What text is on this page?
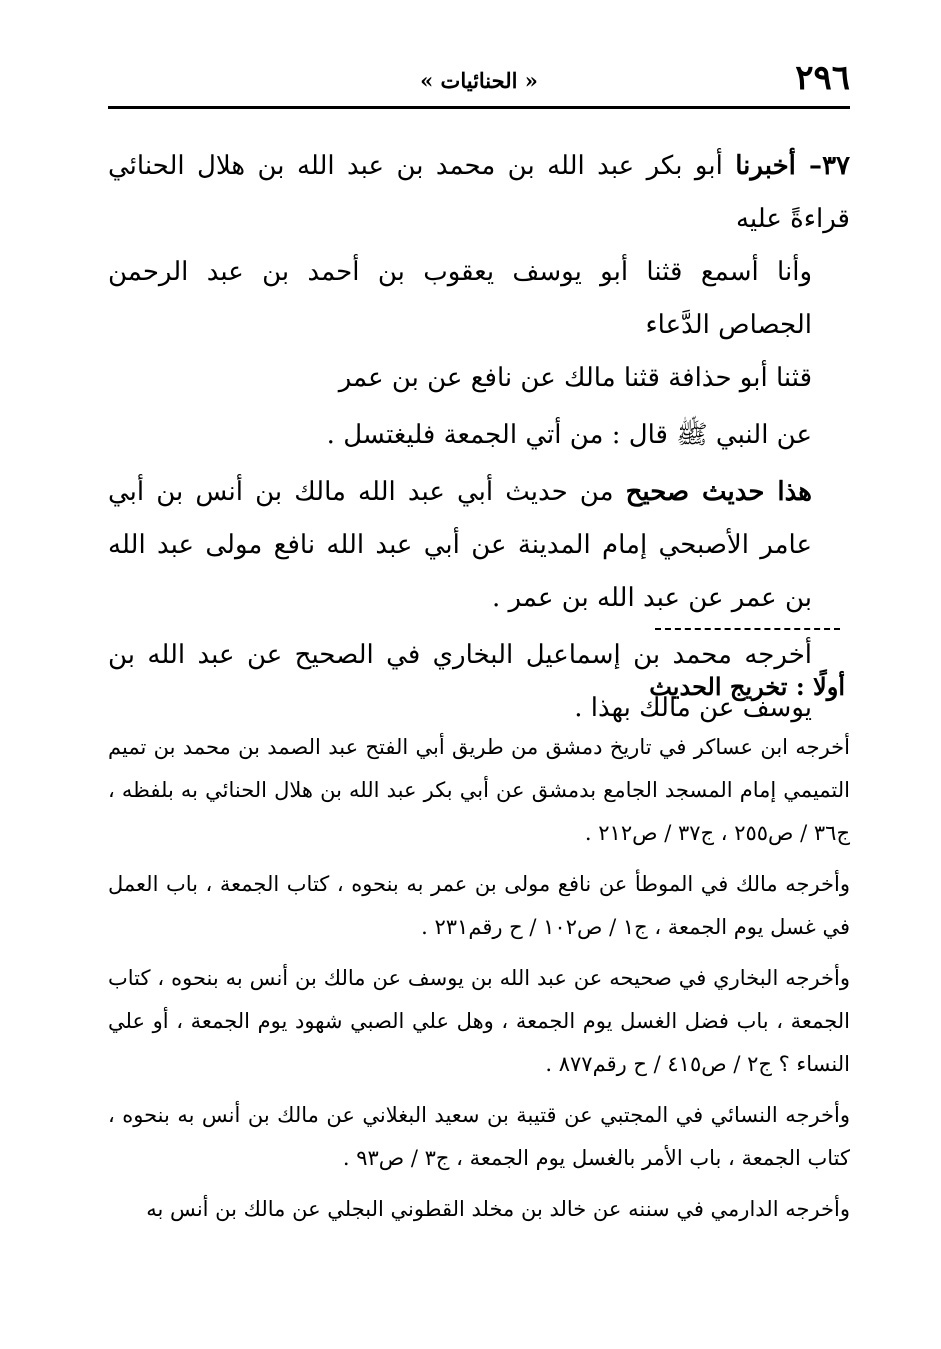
٢٩٦
« الحنائيات »

٣٧– أخبرنا أبو بكر عبد الله بن محمد بن عبد الله بن هلال الحنائي قراءةً عليه
وأنا أسمع قثنا أبو يوسف يعقوب بن أحمد بن عبد الرحمن الجصاص الدَّعاء
قثنا أبو حذافة قثنا مالك عن نافع عن بن عمر

عن النبي ﷺ قال : من أتي الجمعة فليغتسل .

هذا حديث صحيح من حديث أبي عبد الله مالك بن أنس بن أبي عامر الأصبحي إمام المدينة عن أبي عبد الله نافع مولى عبد الله بن عمر عن عبد الله بن عمر .

أخرجه محمد بن إسماعيل البخاري في الصحيح عن عبد الله بن يوسف عن مالك بهذا .

أولًا : تخريج الحديث

أخرجه ابن عساكر في تاريخ دمشق من طريق أبي الفتح عبد الصمد بن محمد بن تميم التميمي إمام المسجد الجامع بدمشق عن أبي بكر عبد الله بن هلال الحنائي به بلفظه ، ج٣٦ / ص٢٥٥ ، ج٣٧ / ص٢١٢ .

وأخرجه مالك في الموطأ عن نافع مولى بن عمر به بنحوه ، كتاب الجمعة ، باب العمل في غسل يوم الجمعة ، ج١ / ص١٠٢ / ح رقم٢٣١ .

وأخرجه البخاري في صحيحه عن عبد الله بن يوسف عن مالك بن أنس به بنحوه ، كتاب الجمعة ، باب فضل الغسل يوم الجمعة ، وهل علي الصبي شهود يوم الجمعة ، أو علي النساء ؟ ج٢ / ص٤١٥ / ح رقم٨٧٧ .

وأخرجه النسائي في المجتبي عن قتيبة بن سعيد البغلاني عن مالك بن أنس به بنحوه ، كتاب الجمعة ، باب الأمر بالغسل يوم الجمعة ، ج٣ / ص٩٣ .

وأخرجه الدارمي في سننه عن خالد بن مخلد القطوني البجلي عن مالك بن أنس به
